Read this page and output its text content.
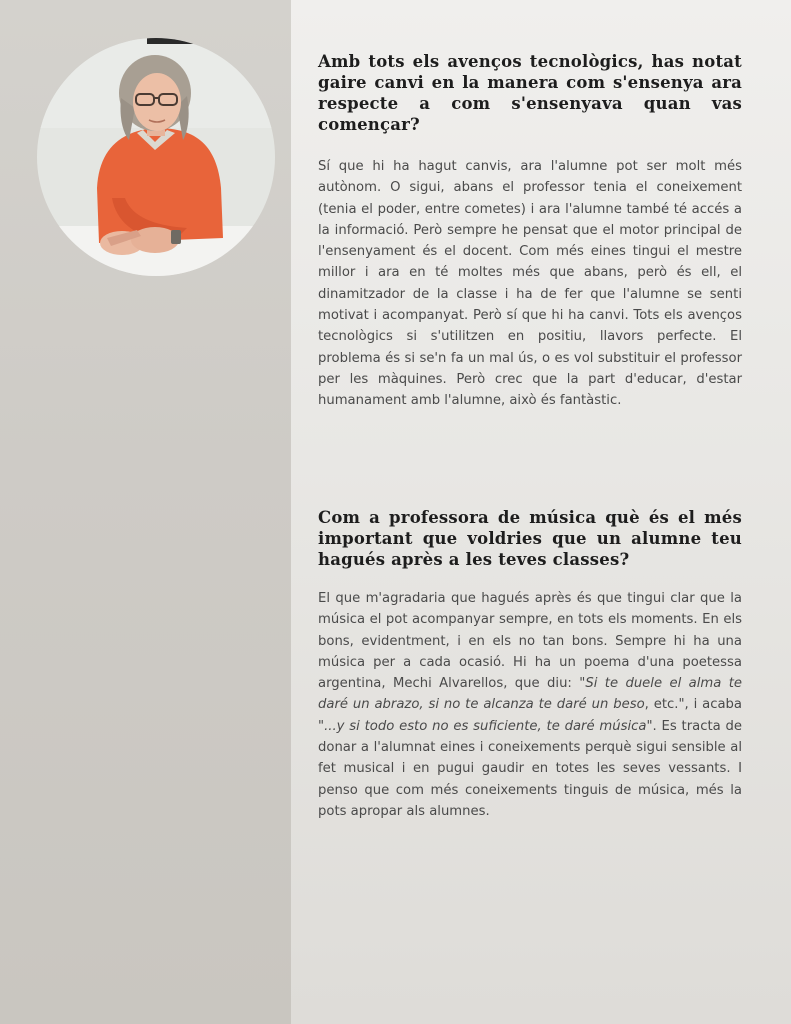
Amb tots els avenços tecnològics, has notat gaire canvi en la manera com s'ensenya ara respecte a com s'ensenyava quan vas començar?

Sí que hi ha hagut canvis, ara l'alumne pot ser molt més autònom. O sigui, abans el professor tenia el coneixement (tenia el poder, entre cometes) i ara l'alumne també té accés a la informació. Però sempre he pensat que el motor principal de l'ensenyament és el docent. Com més eines tingui el mestre millor i ara en té moltes més que abans, però és ell, el dinamitzador de la classe i ha de fer que l'alumne se senti motivat i acompanyat. Però sí que hi ha canvi. Tots els avenços tecnològics si s'utilitzen en positiu, llavors perfecte. El problema és si se'n fa un mal ús, o es vol substituir el professor per les màquines. Però crec que la part d'educar, d'estar humanament amb l'alumne, això és fantàstic.

Com a professora de música què és el més important que voldries que un alumne teu hagués après a les teves classes?

El que m'agradaria que hagués après és que tingui clar que la música el pot acompanyar sempre, en tots els moments. En els bons, evidentment, i en els no tan bons. Sempre hi ha una música per a cada ocasió. Hi ha un poema d'una poetessa argentina, Mechi Alvarellos, que diu: "Si te duele el alma te daré un abrazo, si no te alcanza te daré un beso, etc.", i acaba "...y si todo esto no es suficiente, te daré música". Es tracta de donar a l'alumnat eines i coneixements perquè sigui sensible al fet musical i en pugui gaudir en totes les seves vessants. I penso que com més coneixements tinguis de música, més la pots apropar als alumnes.
